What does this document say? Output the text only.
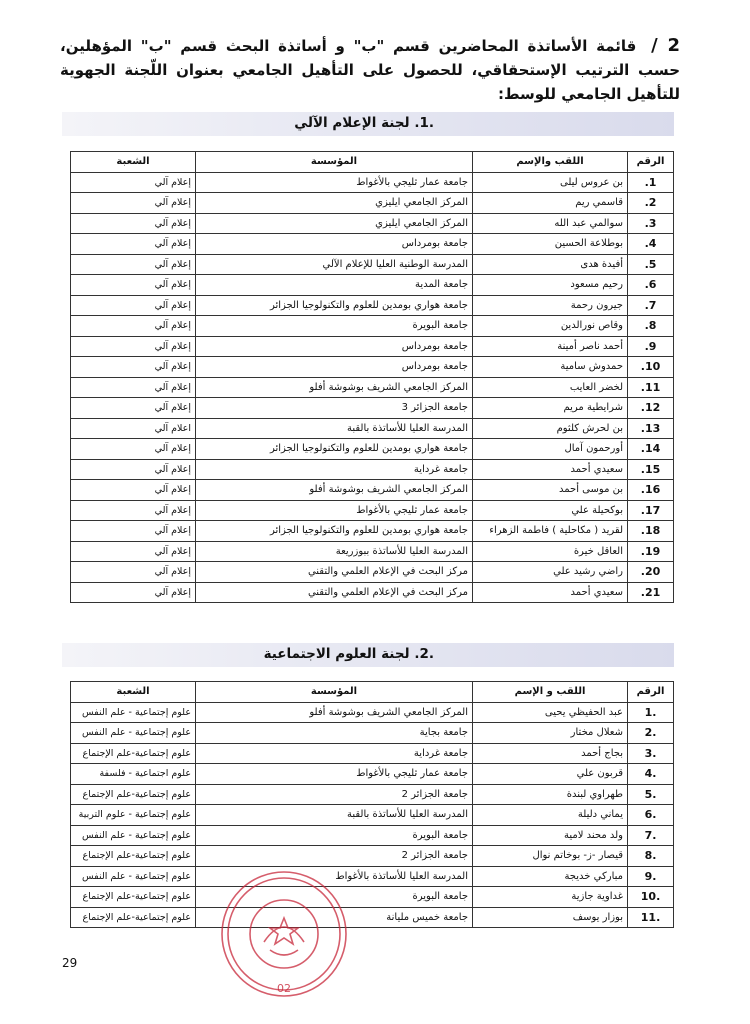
2 / قائمة الأساتذة المحاضرين قسم "ب" و أساتذة البحث قسم "ب" المؤهلين، حسب الترتيب الإستحقاقي، للحصول على التأهيل الجامعي بعنوان اللّجنة الجهوية للتأهيل الجامعي للوسط:
.1. لجنة الإعلام الآلي
الرقم	اللقب والإسم	المؤسسة	الشعبة
1.	بن عروس ليلى	جامعة عمار ثليجي بالأغواط	إعلام آلي
2.	قاسمي ريم	المركز الجامعي ايليزي	إعلام آلي
3.	سوالمي عبد الله	المركز الجامعي ايليزي	إعلام آلي
4.	بوطلاعة الحسين	جامعة بومرداس	إعلام آلي
5.	أفيدة هدى	المدرسة الوطنية العليا للإعلام الآلي	إعلام آلي
6.	رحيم مسعود	جامعة المدية	إعلام آلي
7.	جيرون رحمة	جامعة هواري بومدين للعلوم والتكنولوجيا الجزائر	إعلام آلي
8.	وقاص نورالدين	جامعة البويرة	إعلام آلي
9.	أحمد ناصر أمينة	جامعة بومرداس	إعلام آلي
10.	حمدوش سامية	جامعة بومرداس	إعلام آلي
11.	لخضر العايب	المركز الجامعي الشريف بوشوشة أفلو	إعلام آلي
12.	شرايطية مريم	جامعة الجزائر 3	إعلام آلي
13.	بن لحرش كلثوم	المدرسة العليا للأساتذة بالقبة	اعلام آلي
14.	أورحمون آمال	جامعة هواري بومدين للعلوم والتكنولوجيا الجزائر	إعلام آلي
15.	سعيدي أحمد	جامعة غرداية	إعلام آلي
16.	بن موسى أحمد	المركز الجامعي الشريف بوشوشة أفلو	إعلام آلي
17.	بوكحيلة علي	جامعة عمار ثليجي بالأغواط	إعلام آلي
18.	لقريد ( مكاحلية ) فاطمة الزهراء	جامعة هواري بومدين للعلوم والتكنولوجيا الجزائر	إعلام آلي
19.	العاقل خيرة	المدرسة العليا للأساتذة ببوزريعة	إعلام آلي
20.	راضي رشيد علي	مركز البحث في الإعلام العلمي والتقني	إعلام آلي
21.	سعيدي أحمد	مركز البحث في الإعلام العلمي والتقني	إعلام آلي
.2. لجنة العلوم الاجتماعية
الرقم	اللقب و الإسم	المؤسسة	الشعبة
.1	عبد الحفيظي يحيى	المركز الجامعي الشريف بوشوشة أفلو	علوم إجتماعية - علم النفس
.2	شعلال مختار	جامعة بجاية	علوم إجتماعية - علم النفس
.3	بجاج أحمد	جامعة غرداية	علوم إجتماعية-علم الإجتماع
.4	قربون علي	جامعة عمار ثليجي بالأغواط	علوم اجتماعية - فلسفة
.5	طهراوي لبندة	جامعة الجزائر 2	علوم إجتماعية-علم الإجتماع
.6	يماني دليلة	المدرسة العليا للأساتذة بالقبة	علوم إجتماعية - علوم التربية
.7	ولد محند لامية	جامعة البويرة	علوم إجتماعية - علم النفس
.8	قيصار -ز- بوخاتم نوال	جامعة الجزائر 2	علوم إجتماعية-علم الإجتماع
.9	مباركي خديجة	المدرسة العليا للأساتذة بالأغواط	علوم إجتماعية - علم النفس
.10	غداوية جازية	جامعة البويرة	علوم إجتماعية-علم الإجتماع
.11	بوزار يوسف	جامعة خميس مليانة	علوم إجتماعية-علم الإجتماع
02
29
